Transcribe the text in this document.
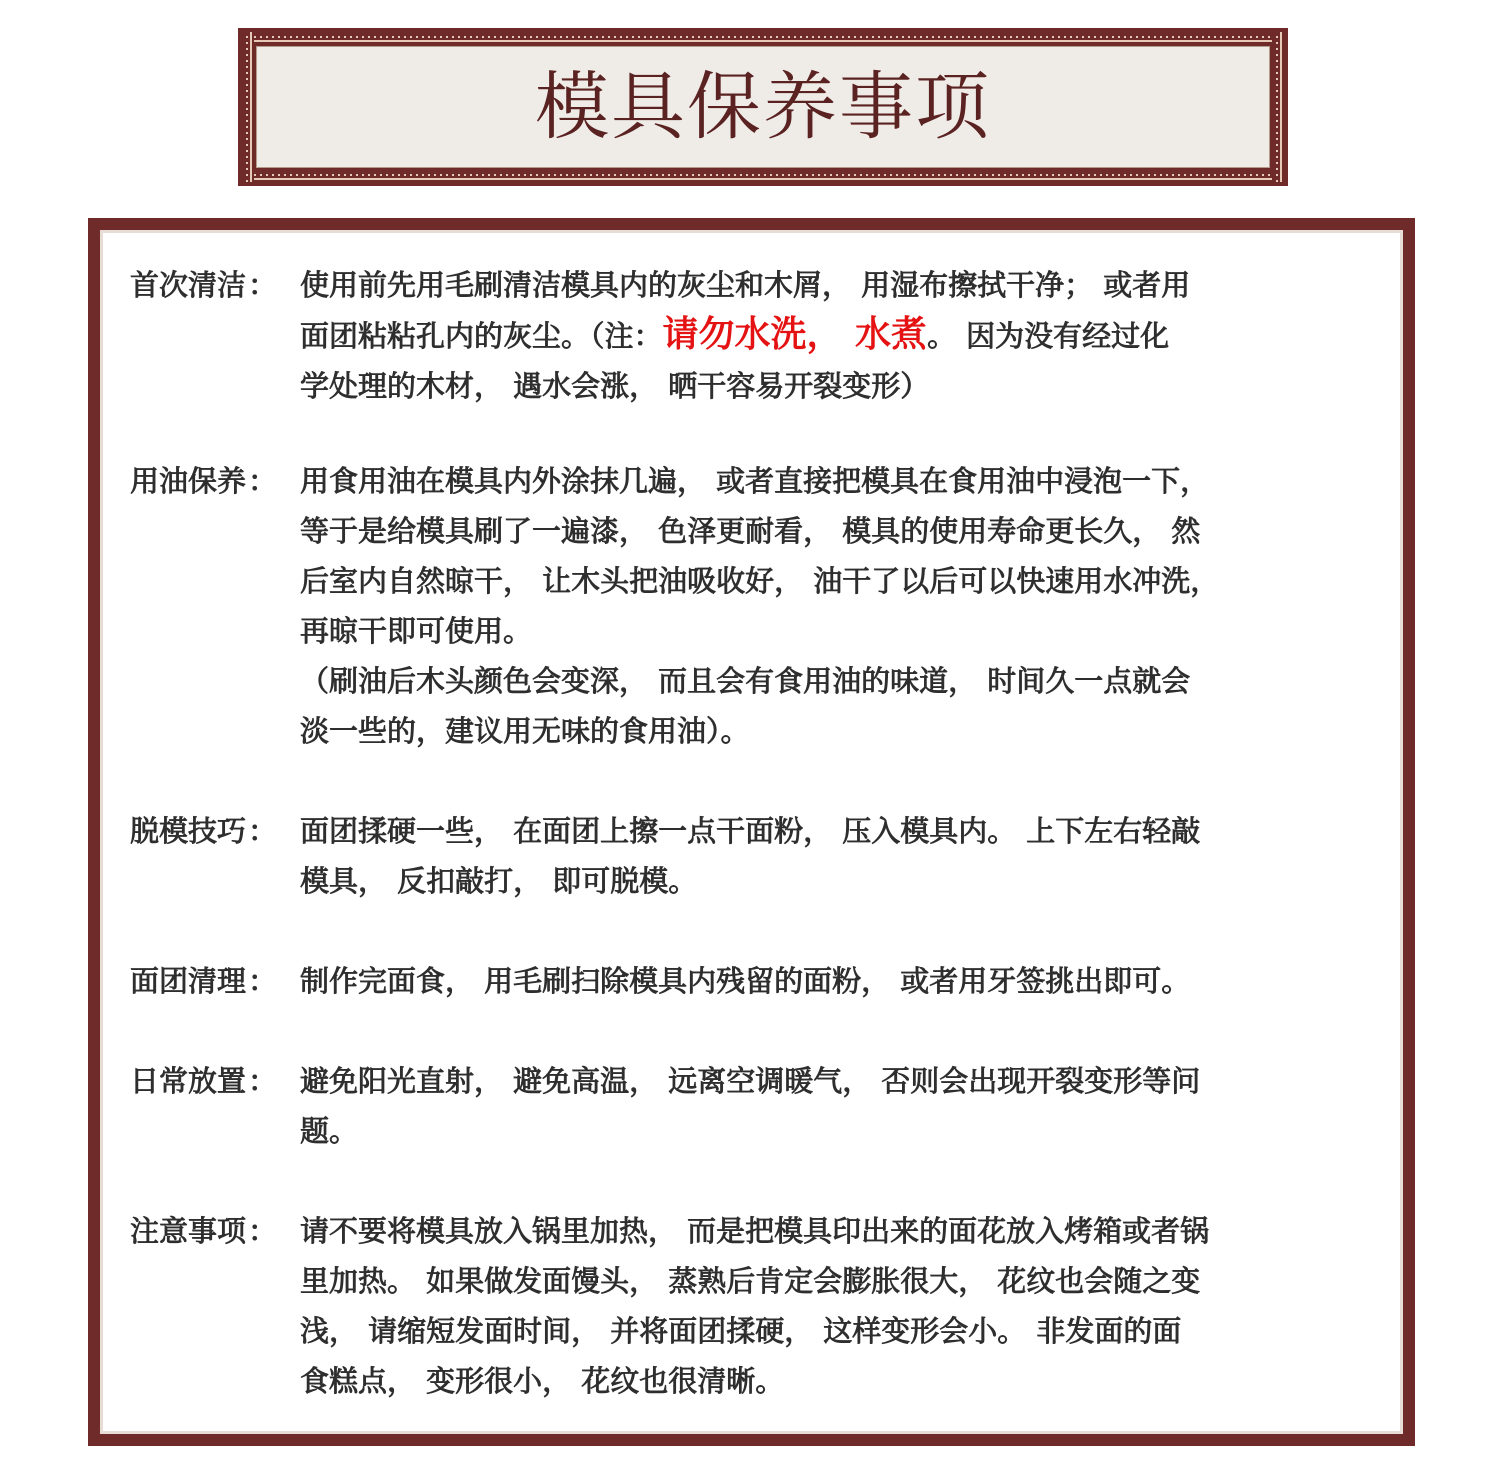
模具保养事项
首次清洁： 使用前先用毛刷清洁模具内的灰尘和木屑， 用湿布擦拭干净； 或者用
面团粘粘孔内的灰尘。（注：请勿水洗， 水煮。 因为没有经过化
学处理的木材， 遇水会涨， 晒干容易开裂变形）
用油保养： 用食用油在模具内外涂抹几遍， 或者直接把模具在食用油中浸泡一下，
等于是给模具刷了一遍漆， 色泽更耐看， 模具的使用寿命更长久， 然
后室内自然晾干， 让木头把油吸收好， 油干了以后可以快速用水冲洗，
再晾干即可使用。
（刷油后木头颜色会变深， 而且会有食用油的味道， 时间久一点就会
淡一些的，建议用无味的食用油）。
脱模技巧： 面团揉硬一些， 在面团上擦一点干面粉， 压入模具内。 上下左右轻敲
模具， 反扣敲打， 即可脱模。
面团清理： 制作完面食， 用毛刷扫除模具内残留的面粉， 或者用牙签挑出即可。
日常放置： 避免阳光直射， 避免高温， 远离空调暖气， 否则会出现开裂变形等问
题。
注意事项： 请不要将模具放入锅里加热， 而是把模具印出来的面花放入烤箱或者锅
里加热。 如果做发面馒头， 蒸熟后肯定会膨胀很大， 花纹也会随之变
浅， 请缩短发面时间， 并将面团揉硬， 这样变形会小。 非发面的面
食糕点， 变形很小， 花纹也很清晰。
